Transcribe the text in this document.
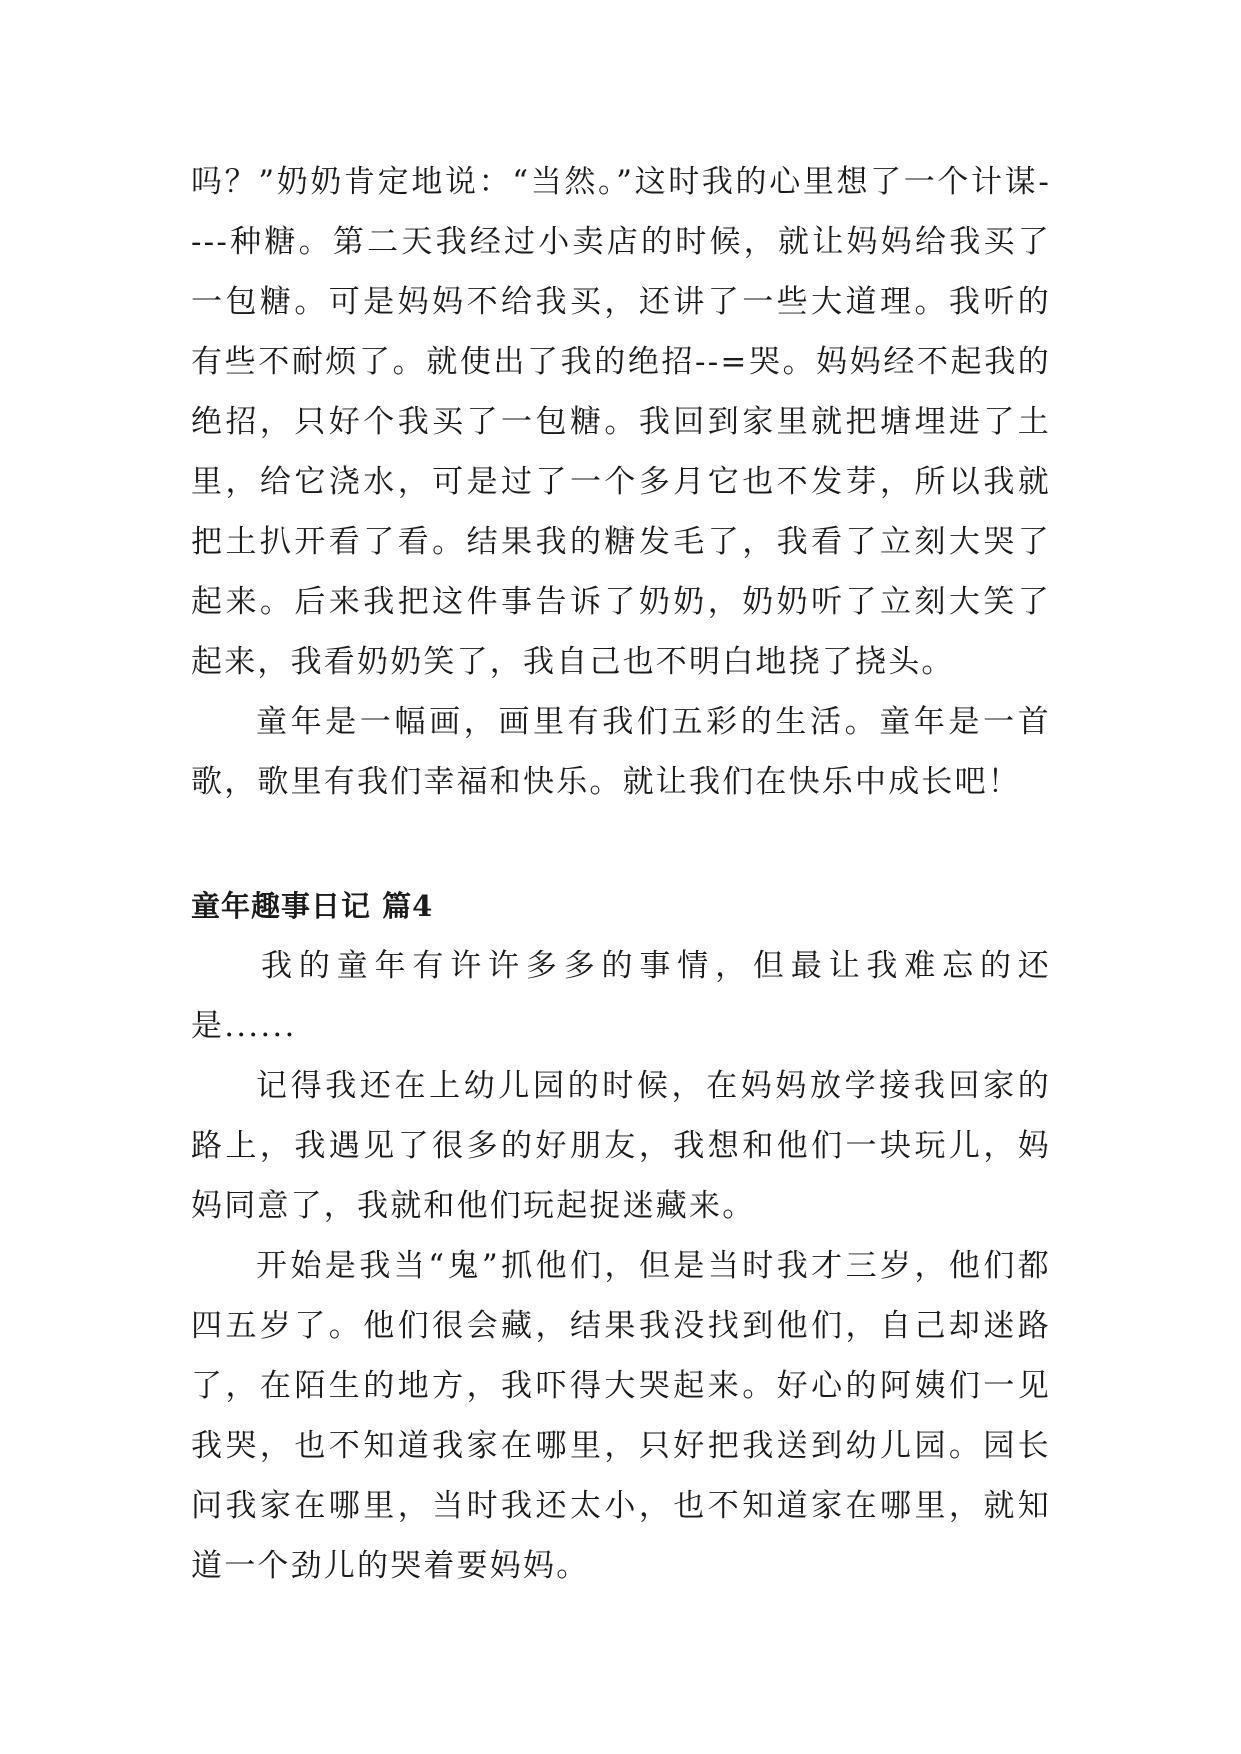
吗？”奶奶肯定地说：“当然。”这时我的心里想了一个计谋----种糖。第二天我经过小卖店的时候，就让妈妈给我买了一包糖。可是妈妈不给我买，还讲了一些大道理。我听的有些不耐烦了。就使出了我的绝招--=哭。妈妈经不起我的绝招，只好个我买了一包糖。我回到家里就把塘埋进了土里，给它浇水，可是过了一个多月它也不发芽，所以我就把土扒开看了看。结果我的糖发毛了，我看了立刻大哭了起来。后来我把这件事告诉了奶奶，奶奶听了立刻大笑了起来，我看奶奶笑了，我自己也不明白地挠了挠头。

童年是一幅画，画里有我们五彩的生活。童年是一首歌，歌里有我们幸福和快乐。就让我们在快乐中成长吧！

童年趣事日记 篇4

我的童年有许许多多的事情，但最让我难忘的还是......

记得我还在上幼儿园的时候，在妈妈放学接我回家的路上，我遇见了很多的好朋友，我想和他们一块玩儿，妈妈同意了，我就和他们玩起捉迷藏来。

开始是我当“鬼”抓他们，但是当时我才三岁，他们都四五岁了。他们很会藏，结果我没找到他们，自己却迷路了，在陌生的地方，我吓得大哭起来。好心的阿姨们一见我哭，也不知道我家在哪里，只好把我送到幼儿园。园长问我家在哪里，当时我还太小，也不知道家在哪里，就知道一个劲儿的哭着要妈妈。
